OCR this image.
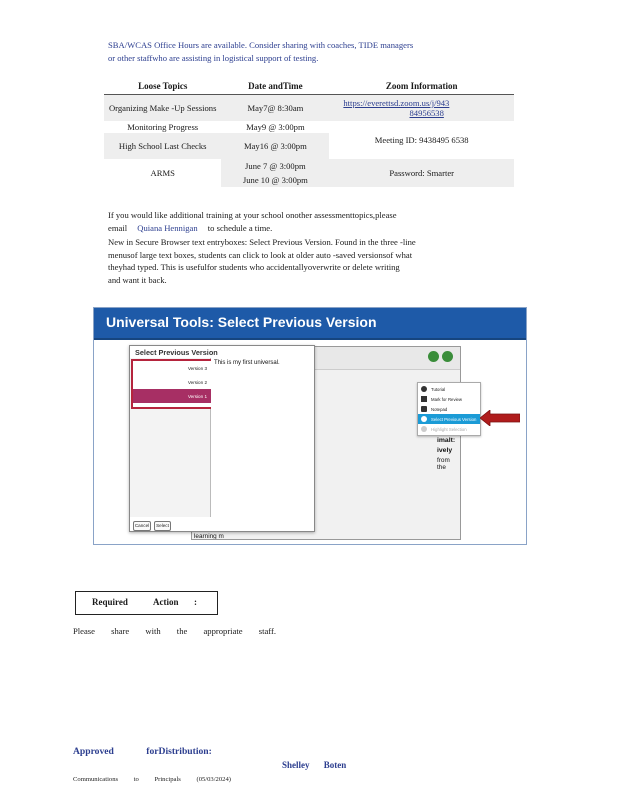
SBA/WCAS Office Hours are available. Consider sharing with coaches, TIDE managers
or other staffwho are assisting in logistical support of testing.
Loose Topics	Date andTime	Zoom Information
Organizing Make -Up Sessions	May7@ 8:30am	https://everettsd.zoom.us/j/943
84956538

Monitoring Progress	May9 @ 3:00pm	Meeting ID: 9438495 6538
High School Last Checks	May16 @ 3:00pm	
ARMS	June 7 @ 3:00pm	Password: Smarter
	June 10 @ 3:00pm	
If you would like additional training at your school onother assessmenttopics,please
email Quiana Hennigan to schedule a time.
New in Secure Browser text entryboxes: Select Previous Version. Found in the three -line
menusof large text boxes, students can click to look at older auto -saved versionsof what
theyhad typed. This is usefulfor students who accidentallyoverwrite or delete writing
and want it back.
Universal Tools: Select Previous Version
learning m
imalt:
ively
from the
Select Previous Version
Version 3
Version 2
Version 1
This is my first universal.
Cancel	Select
Tutorial
Mark for Review
Notepad
Select Previous Version
Highlight Selection
Required	Action :
Please share with the appropriate staff.
Approved forDistribution:
Shelley Boten
Communications to Principals (05/03/2024)
